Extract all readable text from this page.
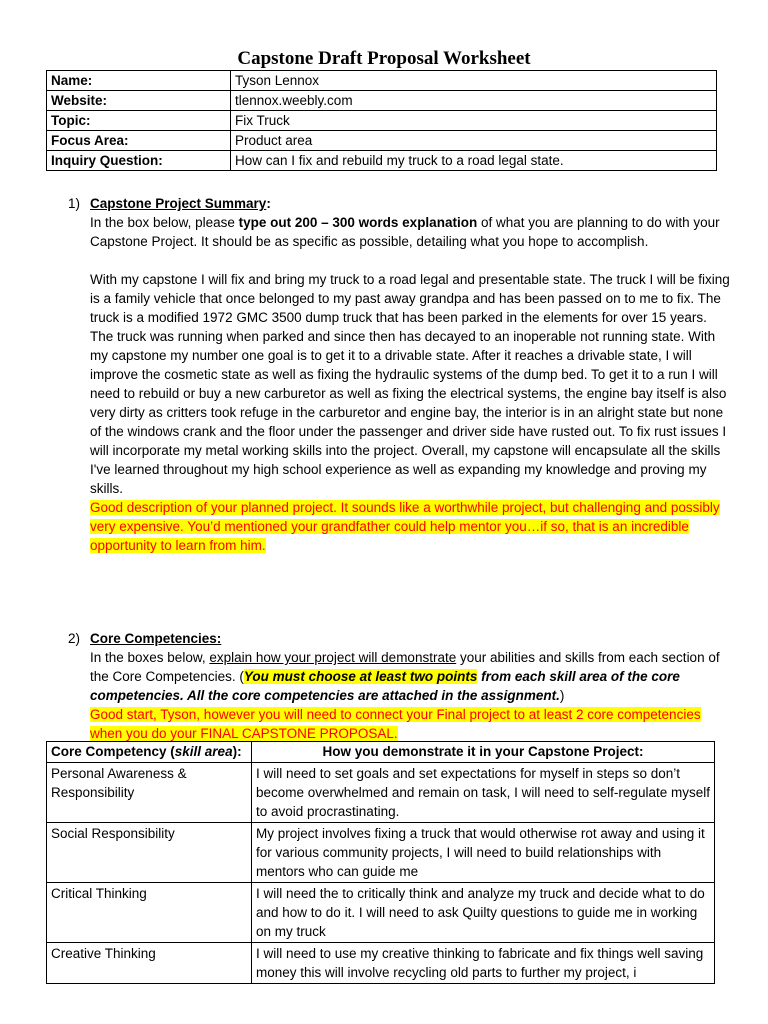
Capstone Draft Proposal Worksheet
Name:	Tyson Lennox
Website:	tlennox.weebly.com
Topic:	Fix Truck
Focus Area:	Product area
Inquiry Question:	How can I fix and rebuild my truck to a road legal state.
1) Capstone Project Summary:

In the box below, please type out 200 – 300 words explanation of what you are planning to do with your Capstone Project. It should be as specific as possible, detailing what you hope to accomplish.

With my capstone I will fix and bring my truck to a road legal and presentable state. The truck I will be fixing is a family vehicle that once belonged to my past away grandpa and has been passed on to me to fix. The truck is a modified 1972 GMC 3500 dump truck that has been parked in the elements for over 15 years. The truck was running when parked and since then has decayed to an inoperable not running state. With my capstone my number one goal is to get it to a drivable state. After it reaches a drivable state, I will improve the cosmetic state as well as fixing the hydraulic systems of the dump bed. To get it to a run I will need to rebuild or buy a new carburetor as well as fixing the electrical systems, the engine bay itself is also very dirty as critters took refuge in the carburetor and engine bay, the interior is in an alright state but none of the windows crank and the floor under the passenger and driver side have rusted out. To fix rust issues I will incorporate my metal working skills into the project. Overall, my capstone will encapsulate all the skills I've learned throughout my high school experience as well as expanding my knowledge and proving my skills.

Good description of your planned project. It sounds like a worthwhile project, but challenging and possibly very expensive. You’d mentioned your grandfather could help mentor you…if so, that is an incredible opportunity to learn from him.

2) Core Competencies:

In the boxes below, explain how your project will demonstrate your abilities and skills from each section of the Core Competencies. (You must choose at least two points from each skill area of the core competencies. All the core competencies are attached in the assignment.)

Good start, Tyson, however you will need to connect your Final project to at least 2 core competencies when you do your FINAL CAPSTONE PROPOSAL.

Core Competency (skill area):	How you demonstrate it in your Capstone Project:
Personal Awareness & Responsibility	I will need to set goals and set expectations for myself in steps so don’t become overwhelmed and remain on task, I will need to self-regulate myself to avoid procrastinating.
Social Responsibility	My project involves fixing a truck that would otherwise rot away and using it for various community projects, I will need to build relationships with mentors who can guide me
Critical Thinking	I will need the to critically think and analyze my truck and decide what to do and how to do it. I will need to ask Quilty questions to guide me in working on my truck
Creative Thinking	I will need to use my creative thinking to fabricate and fix things well saving money this will involve recycling old parts to further my project, i
